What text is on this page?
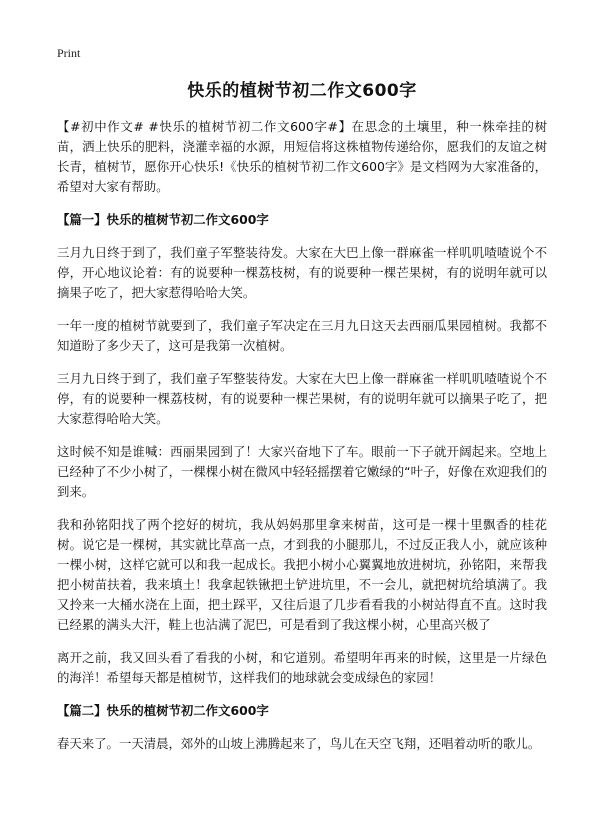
Print
快乐的植树节初二作文600字

【#初中作文# #快乐的植树节初二作文600字#】在思念的土壤里，种一株牵挂的树苗，洒上快乐的肥料，浇灌幸福的水源，用短信将这株植物传递给你，愿我们的友谊之树长青，植树节，愿你开心快乐!《快乐的植树节初二作文600字》是文档网为大家准备的，希望对大家有帮助。

【篇一】快乐的植树节初二作文600字

三月九日终于到了，我们童子军整装待发。大家在大巴上像一群麻雀一样叽叽喳喳说个不停，开心地议论着：有的说要种一棵荔枝树，有的说要种一棵芒果树，有的说明年就可以摘果子吃了，把大家惹得哈哈大笑。

一年一度的植树节就要到了，我们童子军决定在三月九日这天去西丽瓜果园植树。我都不知道盼了多少天了，这可是我第一次植树。

三月九日终于到了，我们童子军整装待发。大家在大巴上像一群麻雀一样叽叽喳喳说个不停，有的说要种一棵荔枝树，有的说要种一棵芒果树，有的说明年就可以摘果子吃了，把大家惹得哈哈大笑。

这时候不知是谁喊：西丽果园到了！大家兴奋地下了车。眼前一下子就开阔起来。空地上已经种了不少小树了，一棵棵小树在微风中轻轻摇摆着它嫩绿的“叶子，好像在欢迎我们的到来。

我和孙铭阳找了两个挖好的树坑，我从妈妈那里拿来树苗，这可是一棵十里飘香的桂花树。说它是一棵树，其实就比草高一点，才到我的小腿那儿，不过反正我人小，就应该种一棵小树，这样它就可以和我一起成长。我把小树小心翼翼地放进树坑，孙铭阳，来帮我把小树苗扶着，我来填土！我拿起铁锹把土铲进坑里，不一会儿，就把树坑给填满了。我又拎来一大桶水浇在上面，把土踩平，又往后退了几步看看我的小树站得直不直。这时我已经累的满头大汗，鞋上也沾满了泥巴，可是看到了我这棵小树，心里高兴极了

离开之前，我又回头看了看我的小树，和它道别。希望明年再来的时候，这里是一片绿色的海洋！希望每天都是植树节，这样我们的地球就会变成绿色的家园！

【篇二】快乐的植树节初二作文600字

春天来了。一天清晨，郊外的山坡上沸腾起来了，鸟儿在天空飞翔，还唱着动听的歌儿。
